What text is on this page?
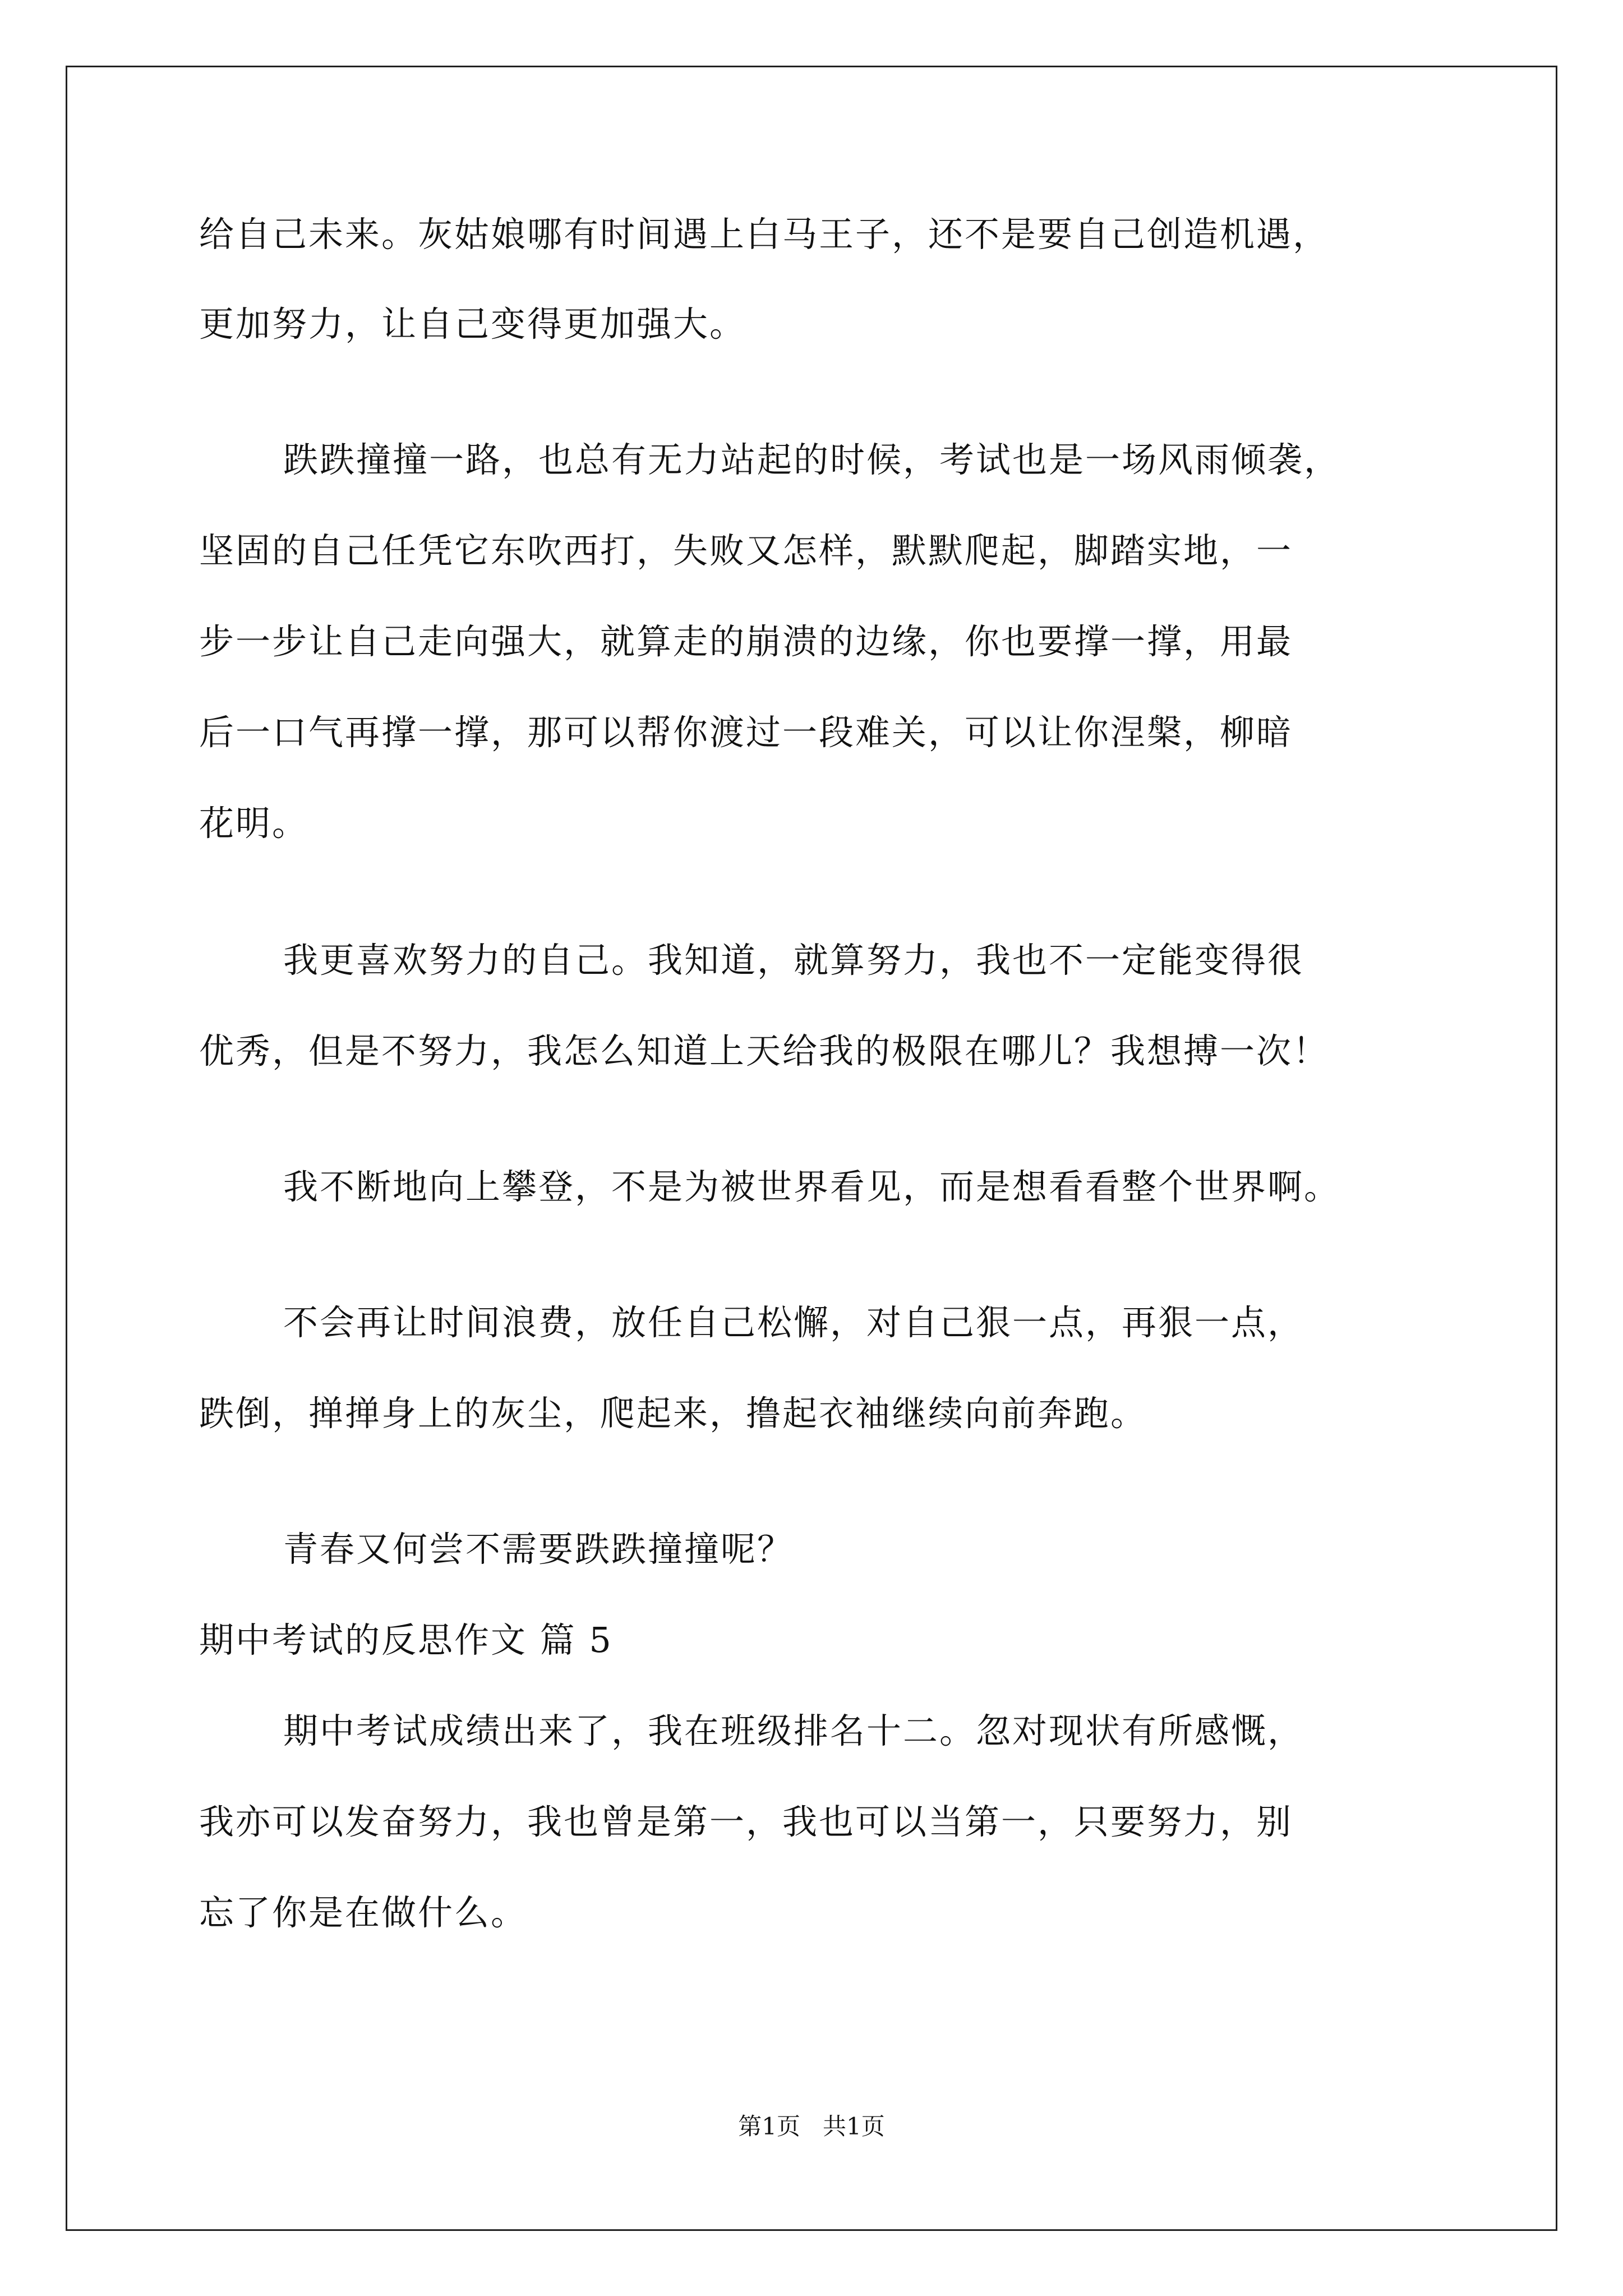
给自己未来。灰姑娘哪有时间遇上白马王子，还不是要自己创造机遇，
更加努力，让自己变得更加强大。
跌跌撞撞一路，也总有无力站起的时候，考试也是一场风雨倾袭，
坚固的自己任凭它东吹西打，失败又怎样，默默爬起，脚踏实地，一
步一步让自己走向强大，就算走的崩溃的边缘，你也要撑一撑，用最
后一口气再撑一撑，那可以帮你渡过一段难关，可以让你涅槃，柳暗
花明。
我更喜欢努力的自己。我知道，就算努力，我也不一定能变得很
优秀，但是不努力，我怎么知道上天给我的极限在哪儿？我想搏一次！
我不断地向上攀登，不是为被世界看见，而是想看看整个世界啊。
不会再让时间浪费，放任自己松懈，对自己狠一点，再狠一点，
跌倒，掸掸身上的灰尘，爬起来，撸起衣袖继续向前奔跑。
青春又何尝不需要跌跌撞撞呢？
期中考试的反思作文 篇 5
期中考试成绩出来了，我在班级排名十二。忽对现状有所感慨，
我亦可以发奋努力，我也曾是第一，我也可以当第一，只要努力，别
忘了你是在做什么。
第1页   共1页
